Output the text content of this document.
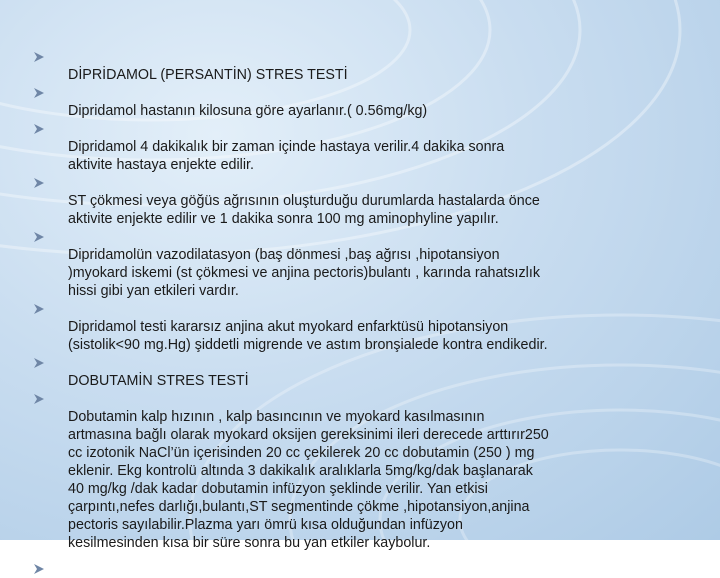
DİPRİDAMOL (PERSANTİN) STRES TESTİ

Dipridamol hastanın kilosuna göre ayarlanır.( 0.56mg/kg)

Dipridamol 4 dakikalık bir zaman içinde hastaya verilir.4 dakika sonra
aktivite hastaya enjekte edilir.

ST çökmesi veya göğüs ağrısının oluşturduğu durumlarda hastalarda önce
aktivite enjekte edilir ve 1 dakika sonra 100 mg aminophyline yapılır.

Dipridamolün vazodilatasyon (baş dönmesi ,baş ağrısı ,hipotansiyon
)myokard iskemi (st çökmesi ve anjina pectoris)bulantı , karında rahatsızlık
hissi gibi yan etkileri vardır.

Dipridamol testi kararsız anjina akut myokard enfarktüsü hipotansiyon
(sistolik<90 mg.Hg) şiddetli migrende ve astım bronşialede kontra endikedir.

DOBUTAMİN STRES TESTİ

Dobutamin kalp hızının , kalp basıncının ve myokard kasılmasının
artmasına bağlı olarak myokard oksijen gereksinimi ileri derecede arttırır250
cc izotonik NaCl’ün içerisinden 20 cc çekilerek 20 cc dobutamin (250 ) mg
eklenir. Ekg kontrolü altında 3 dakikalık aralıklarla 5mg/kg/dak başlanarak
40 mg/kg /dak kadar dobutamin infüzyon şeklinde verilir. Yan etkisi
çarpıntı,nefes darlığı,bulantı,ST segmentinde çökme ,hipotansiyon,anjina
pectoris sayılabilir.Plazma yarı ömrü kısa olduğundan infüzyon
kesilmesinden kısa bir süre sonra bu yan etkiler kaybolur.
